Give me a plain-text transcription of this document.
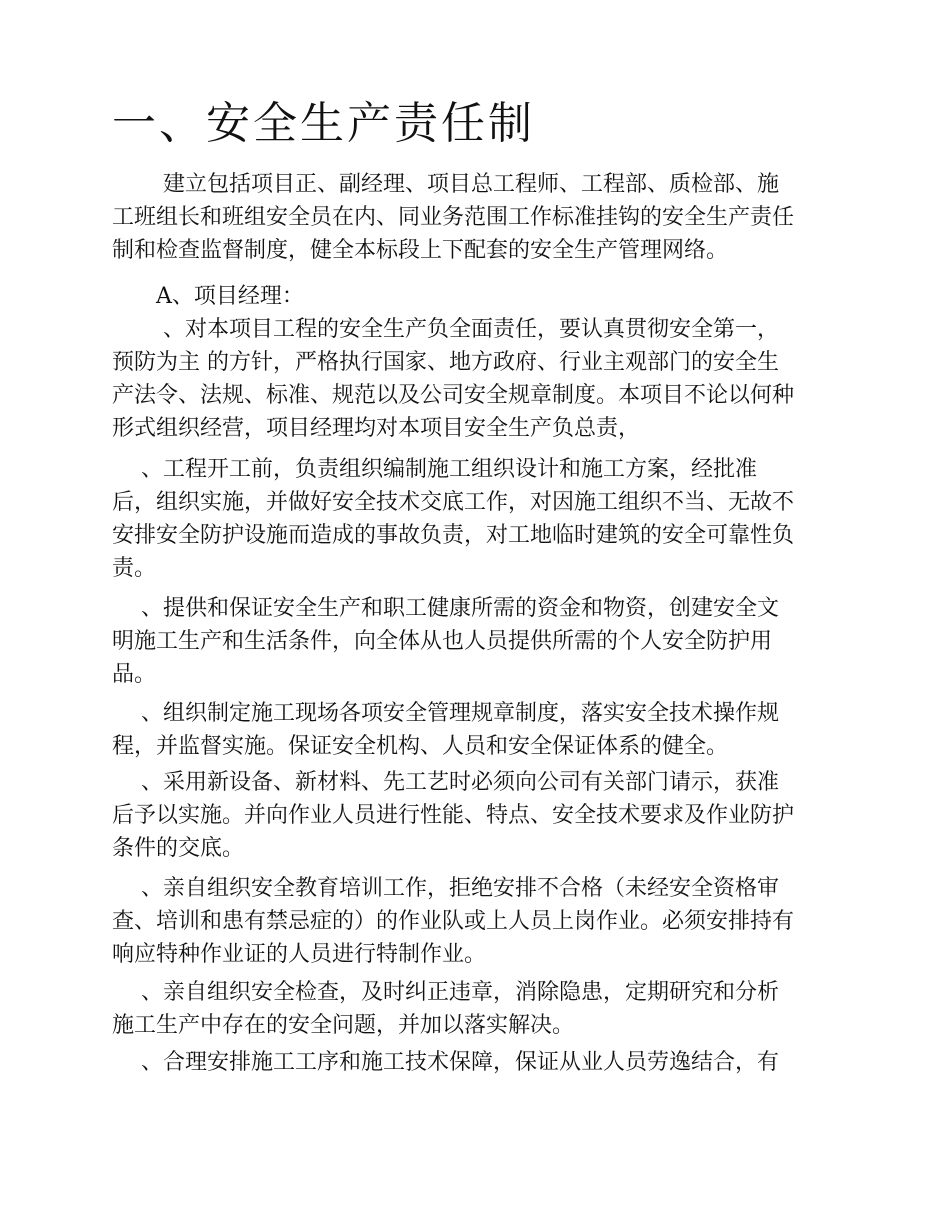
一、安全生产责任制

　　 建立包括项目正、副经理、项目总工程师、工程部、质检部、施
工班组长和班组安全员在内、同业务范围工作标准挂钩的安全生产责任
制和检查监督制度，健全本标段上下配套的安全生产管理网络。

　　A、项目经理：

　　 、对本项目工程的安全生产负全面责任，要认真贯彻安全第一，
预防为主 的方针，严格执行国家、地方政府、行业主观部门的安全生
产法令、法规、标准、规范以及公司安全规章制度。本项目不论以何种
形式组织经营，项目经理均对本项目安全生产负总责，

　 、工程开工前，负责组织编制施工组织设计和施工方案，经批准
后，组织实施，并做好安全技术交底工作，对因施工组织不当、无故不
安排安全防护设施而造成的事故负责，对工地临时建筑的安全可靠性负
责。

　 、提供和保证安全生产和职工健康所需的资金和物资，创建安全文
明施工生产和生活条件，向全体从也人员提供所需的个人安全防护用
品。

　 、组织制定施工现场各项安全管理规章制度，落实安全技术操作规
程，并监督实施。保证安全机构、人员和安全保证体系的健全。

　 、采用新设备、新材料、先工艺时必须向公司有关部门请示，获准
后予以实施。并向作业人员进行性能、特点、安全技术要求及作业防护
条件的交底。

　 、亲自组织安全教育培训工作，拒绝安排不合格（未经安全资格审
查、培训和患有禁忌症的）的作业队或上人员上岗作业。必须安排持有
响应特种作业证的人员进行特制作业。

　 、亲自组织安全检查，及时纠正违章，消除隐患，定期研究和分析
施工生产中存在的安全问题，并加以落实解决。

　 、合理安排施工工序和施工技术保障，保证从业人员劳逸结合，有
